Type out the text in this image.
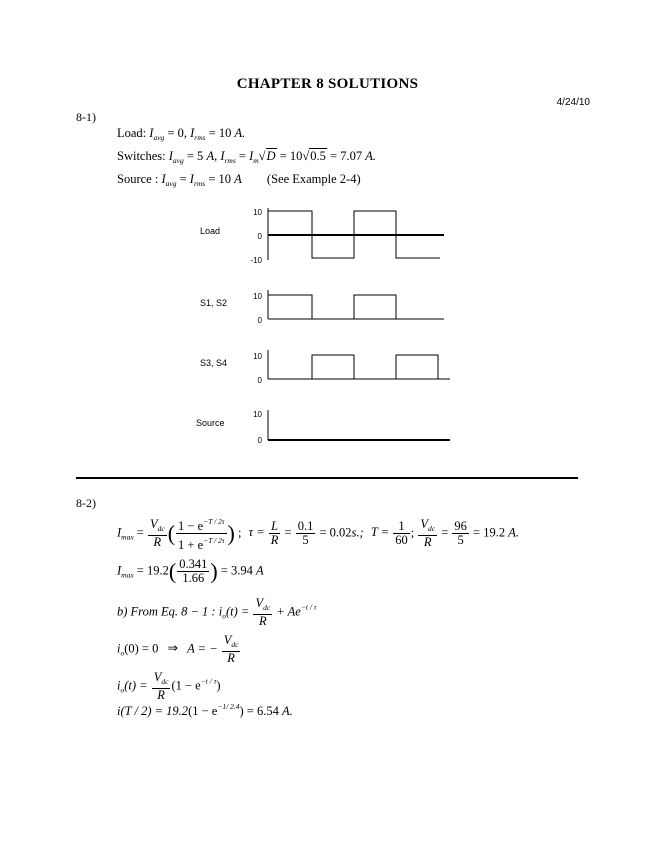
CHAPTER 8 SOLUTIONS
4/24/10
8-1)
Load: $I_{avg} = 0$, $I_{rms} = 10$ A.
Switches: $I_{avg} = 5$ A, $I_{rms} = I_m√D = 10√0.5 = 7.07$ A.
Source : $I_{avg} = I_{rms} = 10$ A (See Example 2-4)
Load
10
0
-10
S1, S2
10
0
S3, S4
10
0
Source
10
0
8-2)
$I_{max} = \frac{V_{dc}}{R}$ ( $\frac{1 - e^{-T / 2\tau}}{1 + e^{-T / 2\tau}}$ ) ; $\tau = \frac{L}{R} = \frac{0.1}{5} = 0.02s$.; $T = \frac{1}{60}$ ; $\frac{V_{dc}}{R} = \frac{96}{5} = 19.2$ A.
$I_{max} = 19.2( \frac{0.341}{1.66}$ ) = 3.94 A
b) From Eq. 8 − 1 : $i_o(t) = \frac{V_{dc}}{R} + Ae^{-t / \tau}$
$i_o(0) = 0$ ⇒ A = − $\frac{V_{dc}}{R}$
$i_o(t) = \frac{V_{dc}}{R} (1 - e^{-t / \tau})$
$i(T / 2) = 19.2(1 - e^{-1/ 2.4}) = 6.54$ A.
